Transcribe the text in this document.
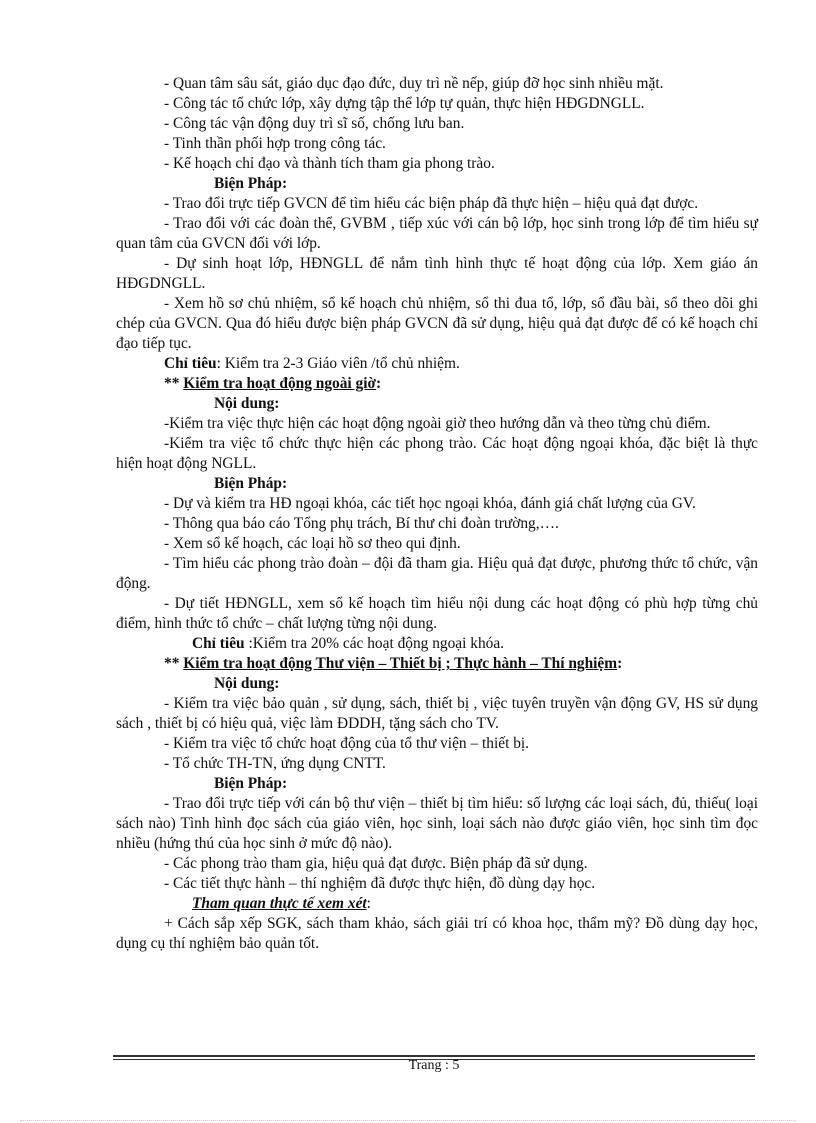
- Quan tâm sâu sát, giáo dục đạo đức, duy trì nề nếp, giúp đỡ học sinh nhiều mặt.

- Công tác tổ chức lớp, xây dựng tập thể lớp tự quản, thực hiện HĐGDNGLL.

- Công tác vận động duy trì sĩ số, chống lưu ban.

- Tinh thần phối hợp trong công tác.

- Kế hoạch chỉ đạo và thành tích tham gia phong trào.

Biện Pháp:

- Trao đổi trực tiếp GVCN để tìm hiểu các biện pháp đã thực hiện – hiệu quả đạt được.

- Trao đổi với các đoàn thể, GVBM , tiếp xúc với cán bộ lớp, học sinh trong lớp để tìm hiểu sự quan tâm của GVCN đối với lớp.

- Dự sinh hoạt lớp, HĐNGLL để nắm tình hình thực tế hoạt động của lớp. Xem giáo án HĐGDNGLL.

- Xem hồ sơ chủ nhiệm, sổ kế hoạch chủ nhiệm, sổ thi đua tổ, lớp, sổ đầu bài, sổ theo dõi ghi chép của GVCN. Qua đó hiểu được biện pháp GVCN đã sử dụng, hiệu quả đạt được để có kế hoạch chỉ đạo tiếp tục.

Chỉ tiêu: Kiểm tra 2-3 Giáo viên /tổ chủ nhiệm.

** Kiểm tra hoạt động ngoài giờ:

Nội dung:

-Kiểm tra việc thực hiện các hoạt động ngoài giờ theo hướng dẫn và theo từng chủ điểm.

-Kiểm tra việc tổ chức thực hiện các phong trào. Các hoạt động ngoại khóa, đặc biệt là thực hiện hoạt động NGLL.

Biện Pháp:

- Dự và kiểm tra HĐ ngoại khóa, các tiết học ngoại khóa, đánh giá chất lượng của GV.

- Thông qua báo cáo Tổng phụ trách, Bí thư chi đoàn trường,….

- Xem sổ kế hoạch, các loại hồ sơ theo qui định.

- Tìm hiểu các phong trào đoàn – đội đã tham gia. Hiệu quả đạt được, phương thức tổ chức, vận động.

- Dự tiết HĐNGLL, xem sổ kế hoạch tìm hiểu nội dung các hoạt động có phù hợp từng chủ điểm, hình thức tổ chức – chất lượng từng nội dung.

Chỉ tiêu :Kiểm tra 20% các hoạt động ngoại khóa.

** Kiểm tra hoạt động Thư viện – Thiết bị ; Thực hành – Thí nghiệm:

Nội dung:

- Kiểm tra việc bảo quản , sử dụng, sách, thiết bị , việc tuyên truyền vận động GV, HS sử dụng sách , thiết bị có hiệu quả, việc làm ĐDDH, tặng sách cho TV.

- Kiểm tra việc tổ chức hoạt động của tổ thư viện – thiết bị.

- Tổ chức TH-TN, ứng dụng CNTT.

Biện Pháp:

- Trao đổi trực tiếp với cán bộ thư viện – thiết bị tìm hiểu: số lượng các loại sách, đủ, thiếu( loại sách nào) Tình hình đọc sách của giáo viên, học sinh, loại sách nào được giáo viên, học sinh tìm đọc nhiều (hứng thú của học sinh ở mức độ nào).

- Các phong trào tham gia, hiệu quả đạt được. Biện pháp đã sử dụng.

- Các tiết thực hành – thí nghiệm đã được thực hiện, đồ dùng dạy học.

Tham quan thực tế xem xét:

+ Cách sắp xếp SGK, sách tham khảo, sách giải trí có khoa học, thẩm mỹ? Đồ dùng dạy học, dụng cụ thí nghiệm bảo quản tốt.

Trang : 5
